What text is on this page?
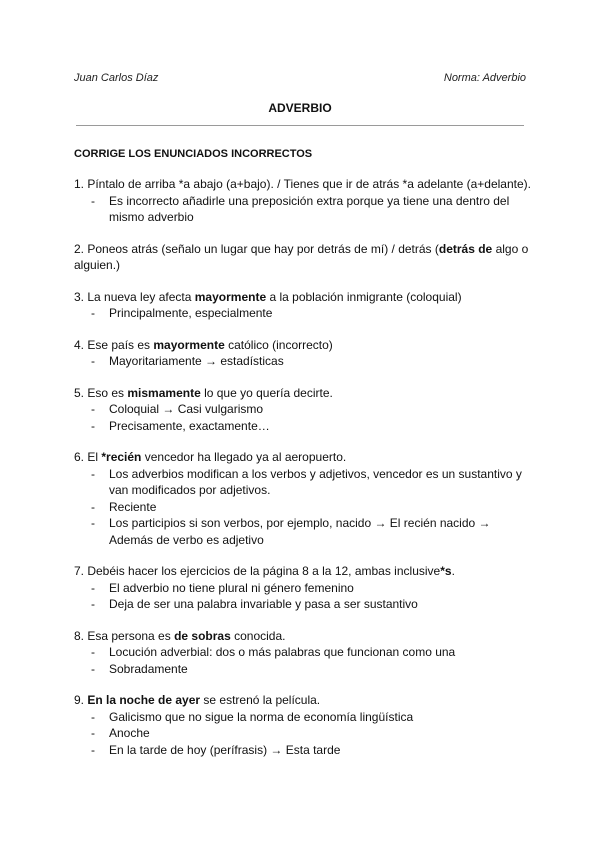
Juan Carlos Díaz	Norma: Adverbio
ADVERBIO
CORRIGE LOS ENUNCIADOS INCORRECTOS

1. Píntalo de arriba *a abajo (a+bajo). / Tienes que ir de atrás *a adelante (a+delante).

- Es incorrecto añadirle una preposición extra porque ya tiene una dentro del mismo adverbio

2. Poneos atrás (señalo un lugar que hay por detrás de mí) / detrás (detrás de algo o alguien.)

3. La nueva ley afecta mayormente a la población inmigrante (coloquial)

- Principalmente, especialmente

4. Ese país es mayormente católico (incorrecto)

- Mayoritariamente → estadísticas

5. Eso es mismamente lo que yo quería decirte.

- Coloquial → Casi vulgarismo
- Precisamente, exactamente…

6. El *recién vencedor ha llegado ya al aeropuerto.

- Los adverbios modifican a los verbos y adjetivos, vencedor es un sustantivo y van modificados por adjetivos.
- Reciente
- Los participios si son verbos, por ejemplo, nacido → El recién nacido → Además de verbo es adjetivo

7. Debéis hacer los ejercicios de la página 8 a la 12, ambas inclusive*s.

- El adverbio no tiene plural ni género femenino
- Deja de ser una palabra invariable y pasa a ser sustantivo

8. Esa persona es de sobras conocida.

- Locución adverbial: dos o más palabras que funcionan como una
- Sobradamente

9. En la noche de ayer se estrenó la película.

- Galicismo que no sigue la norma de economía lingüística
- Anoche
- En la tarde de hoy (perífrasis) → Esta tarde
